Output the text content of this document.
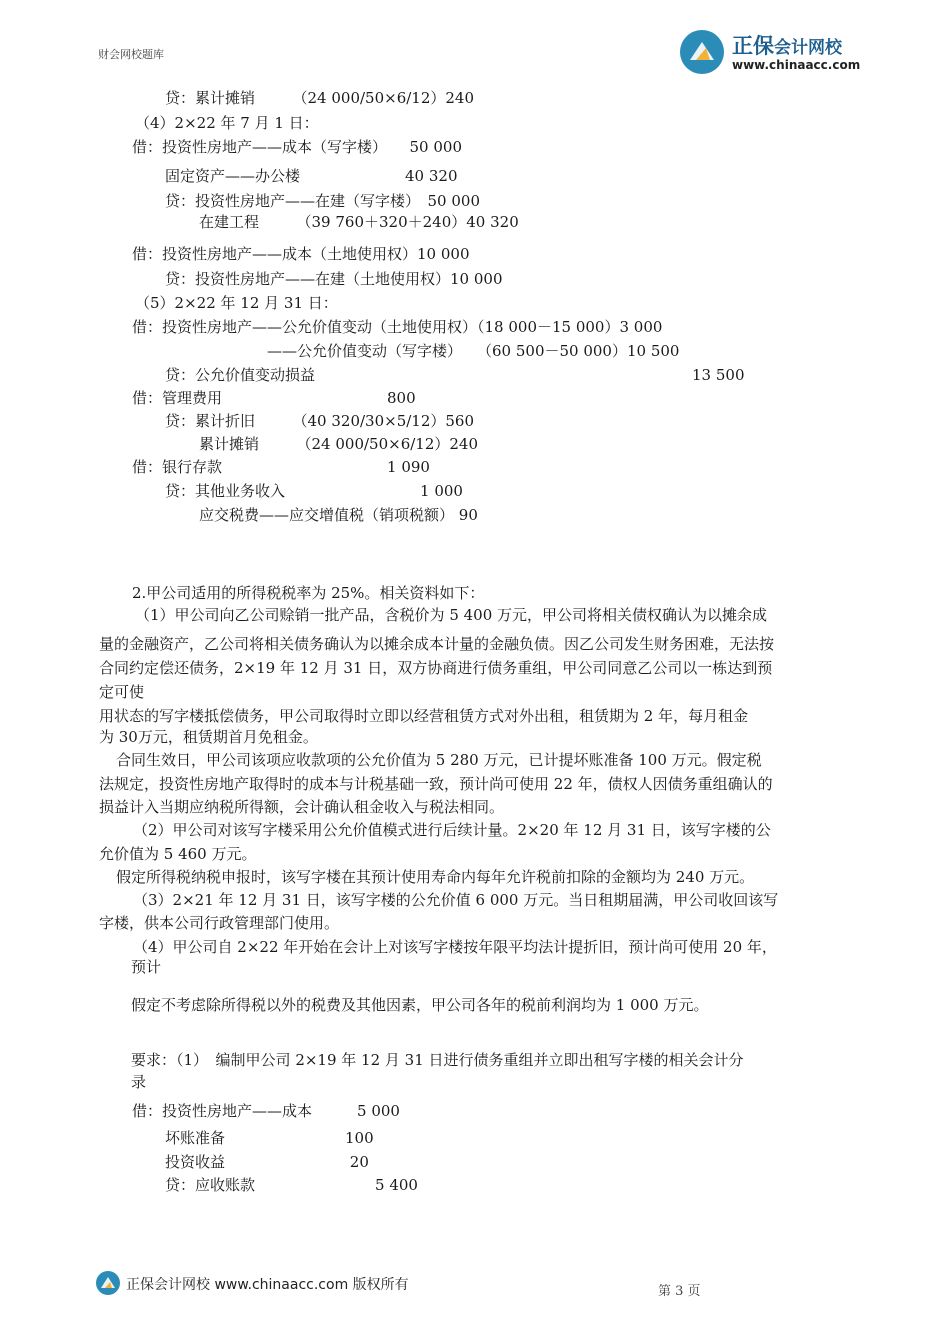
财会网校题库	正保会计网校
www.chinaacc.com
贷：累计摊销　　　（24 000/50×6/12）240
（4）2×22 年 7 月 1 日：
借：投资性房地产——成本（写字楼）　　50 000
固定资产——办公楼　　　　　　　40 320
贷：投资性房地产——在建（写字楼）　50 000
在建工程　　　（39 760＋320＋240）40 320
借：投资性房地产——成本（土地使用权）10 000
贷：投资性房地产——在建（土地使用权）10 000
（5）2×22 年 12 月 31 日：
借：投资性房地产——公允价值变动（土地使用权）（18 000－15 000）3 000
——公允价值变动（写字楼）　　（60 500－50 000）10 500
贷：公允价值变动损益	13 500
借：管理费用　　　　　　　　　　　800
贷：累计折旧　　　（40 320/30×5/12）560
累计摊销　　　（24 000/50×6/12）240
借：银行存款　　　　　　　　　　　1 090
贷：其他业务收入　　　　　　　　　1 000
应交税费——应交增值税（销项税额） 90
2.甲公司适用的所得税税率为 25%。相关资料如下：
（1）甲公司向乙公司赊销一批产品，含税价为 5 400 万元，甲公司将相关债权确认为以摊余成
量的金融资产，乙公司将相关债务确认为以摊余成本计量的金融负债。因乙公司发生财务困难，无法按
合同约定偿还债务，2×19 年 12 月 31 日，双方协商进行债务重组，甲公司同意乙公司以一栋达到预
定可使
用状态的写字楼抵偿债务，甲公司取得时立即以经营租赁方式对外出租，租赁期为 2 年，每月租金
为 30万元，租赁期首月免租金。
合同生效日，甲公司该项应收款项的公允价值为 5 280 万元，已计提坏账准备 100 万元。假定税
法规定，投资性房地产取得时的成本与计税基础一致，预计尚可使用 22 年，债权人因债务重组确认的
损益计入当期应纳税所得额，会计确认租金收入与税法相同。
（2）甲公司对该写字楼采用公允价值模式进行后续计量。2×20 年 12 月 31 日，该写字楼的公
允价值为 5 460 万元。
假定所得税纳税申报时，该写字楼在其预计使用寿命内每年允许税前扣除的金额均为 240 万元。
（3）2×21 年 12 月 31 日，该写字楼的公允价值 6 000 万元。当日租期届满，甲公司收回该写
字楼，供本公司行政管理部门使用。
（4）甲公司自 2×22 年开始在会计上对该写字楼按年限平均法计提折旧，预计尚可使用 20 年，
预计
假定不考虑除所得税以外的税费及其他因素，甲公司各年的税前利润均为 1 000 万元。
要求：（1）　编制甲公司 2×19 年 12 月 31 日进行债务重组并立即出租写字楼的相关会计分
录
借：投资性房地产——成本　　　5 000
坏账准备　　　　　　　　100
投资收益　　　　　　　　 20
贷：应收账款　　　　　　　　5 400
正保会计网校 www.chinaacc.com 版权所有	第 3 页
